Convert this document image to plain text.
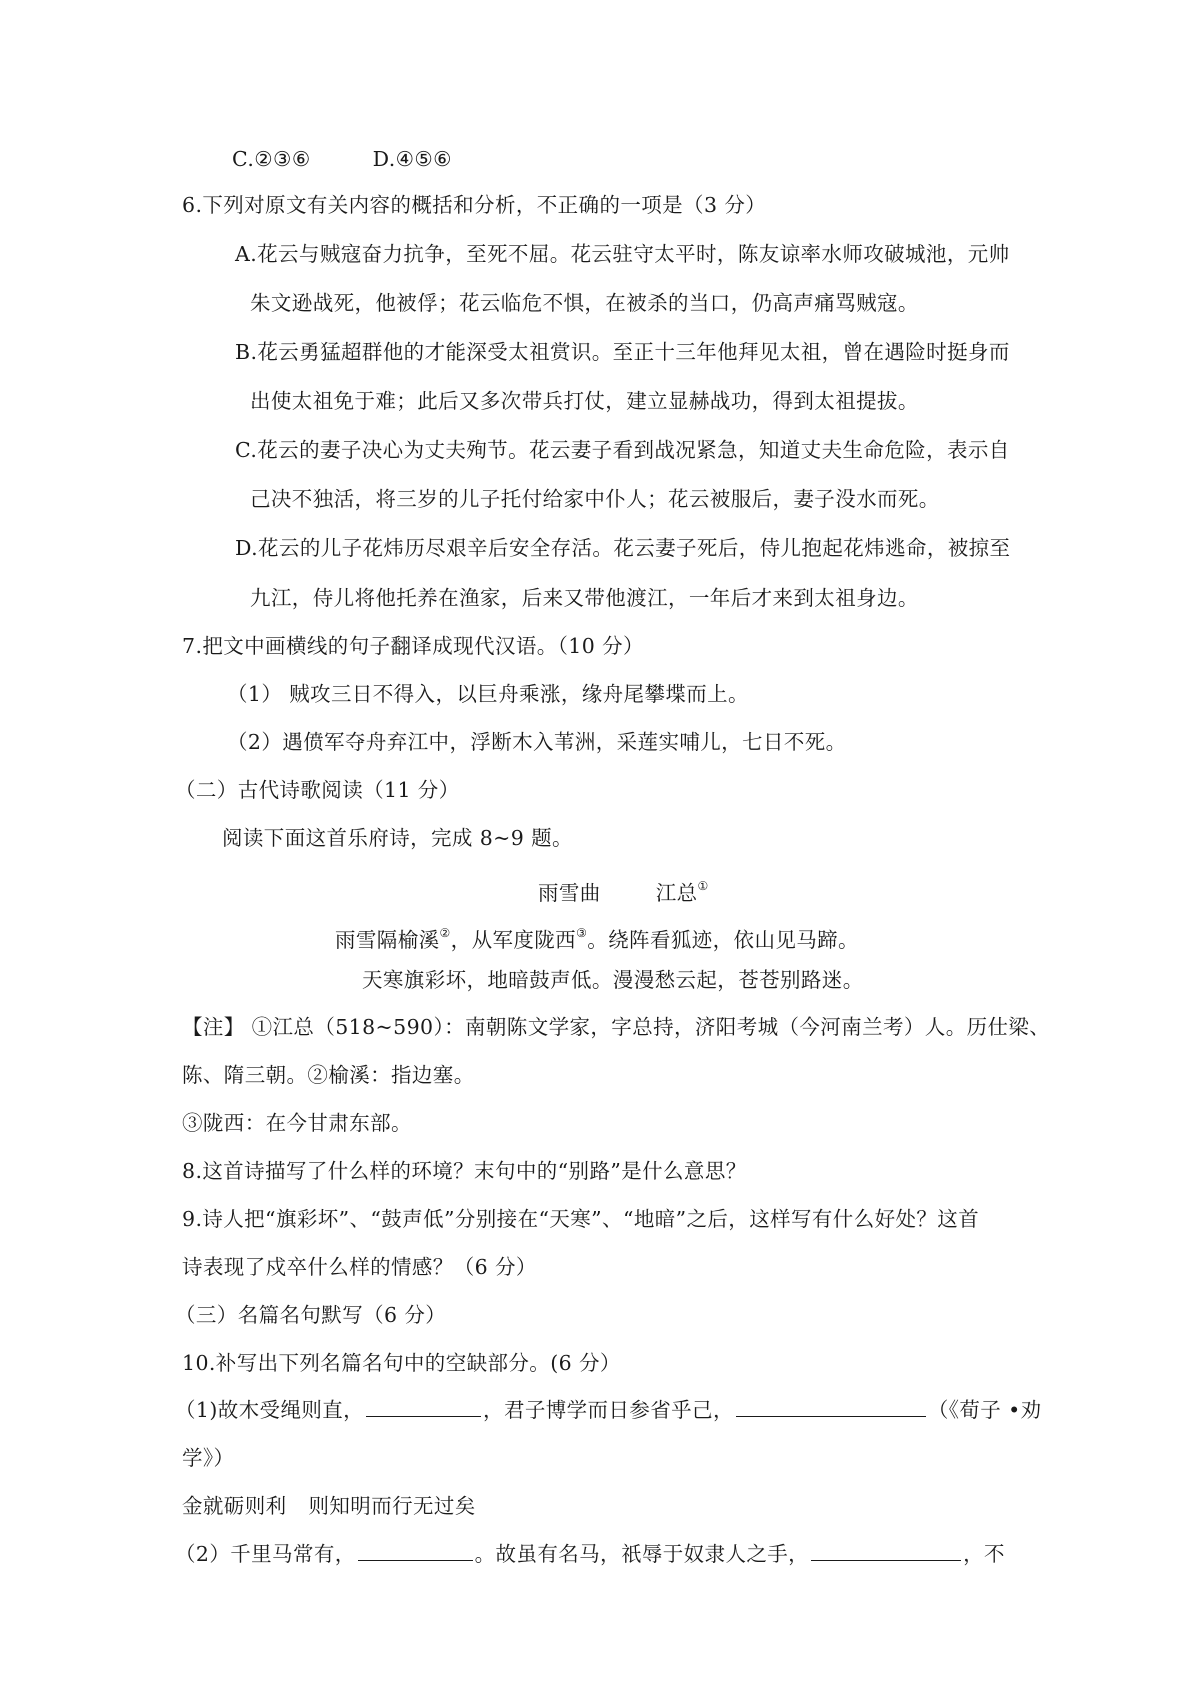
C.②③⑥	D.④⑤⑥
6.下列对原文有关内容的概括和分析，不正确的一项是（3 分）
A.花云与贼寇奋力抗争，至死不屈。花云驻守太平时，陈友谅率水师攻破城池，元帅
朱文逊战死，他被俘；花云临危不惧，在被杀的当口，仍高声痛骂贼寇。
B.花云勇猛超群他的才能深受太祖赏识。至正十三年他拜见太祖，曾在遇险时挺身而
出使太祖免于难；此后又多次带兵打仗，建立显赫战功，得到太祖提拔。
C.花云的妻子决心为丈夫殉节。花云妻子看到战况紧急，知道丈夫生命危险，表示自
己决不独活，将三岁的儿子托付给家中仆人；花云被服后，妻子没水而死。
D.花云的儿子花炜历尽艰辛后安全存活。花云妻子死后，侍儿抱起花炜逃命，被掠至
九江，侍儿将他托养在渔家，后来又带他渡江，一年后才来到太祖身边。
7.把文中画横线的句子翻译成现代汉语。（10 分）
（1） 贼攻三日不得入，以巨舟乘涨，缘舟尾攀堞而上。
（2）遇偾军夺舟弃江中，浮断木入苇洲，采莲实哺儿，七日不死。
（二）古代诗歌阅读（11 分）
阅读下面这首乐府诗，完成 8~9 题。
雨雪曲	江总①
雨雪隔榆溪②，从军度陇西③。绕阵看狐迹，依山见马蹄。
天寒旗彩坏，地暗鼓声低。漫漫愁云起，苍苍别路迷。
【注】 ①江总（518~590）：南朝陈文学家，字总持，济阳考城（今河南兰考）人。历仕梁、
陈、隋三朝。②榆溪：指边塞。
③陇西：在今甘肃东部。
8.这首诗描写了什么样的环境？末句中的“别路”是什么意思？
9.诗人把“旗彩坏”、“鼓声低”分别接在“天寒”、“地暗”之后，这样写有什么好处？这首
诗表现了戍卒什么样的情感？（6 分）
（三）名篇名句默写（6 分）
10.补写出下列名篇名句中的空缺部分。(6 分）
（1)故木受绳则直，	，君子博学而日参省乎己，	（《荀子 •劝
学》）
金就砺则利 则知明而行无过矣
（2）千里马常有，	。故虽有名马，祇辱于奴隶人之手，	，不
